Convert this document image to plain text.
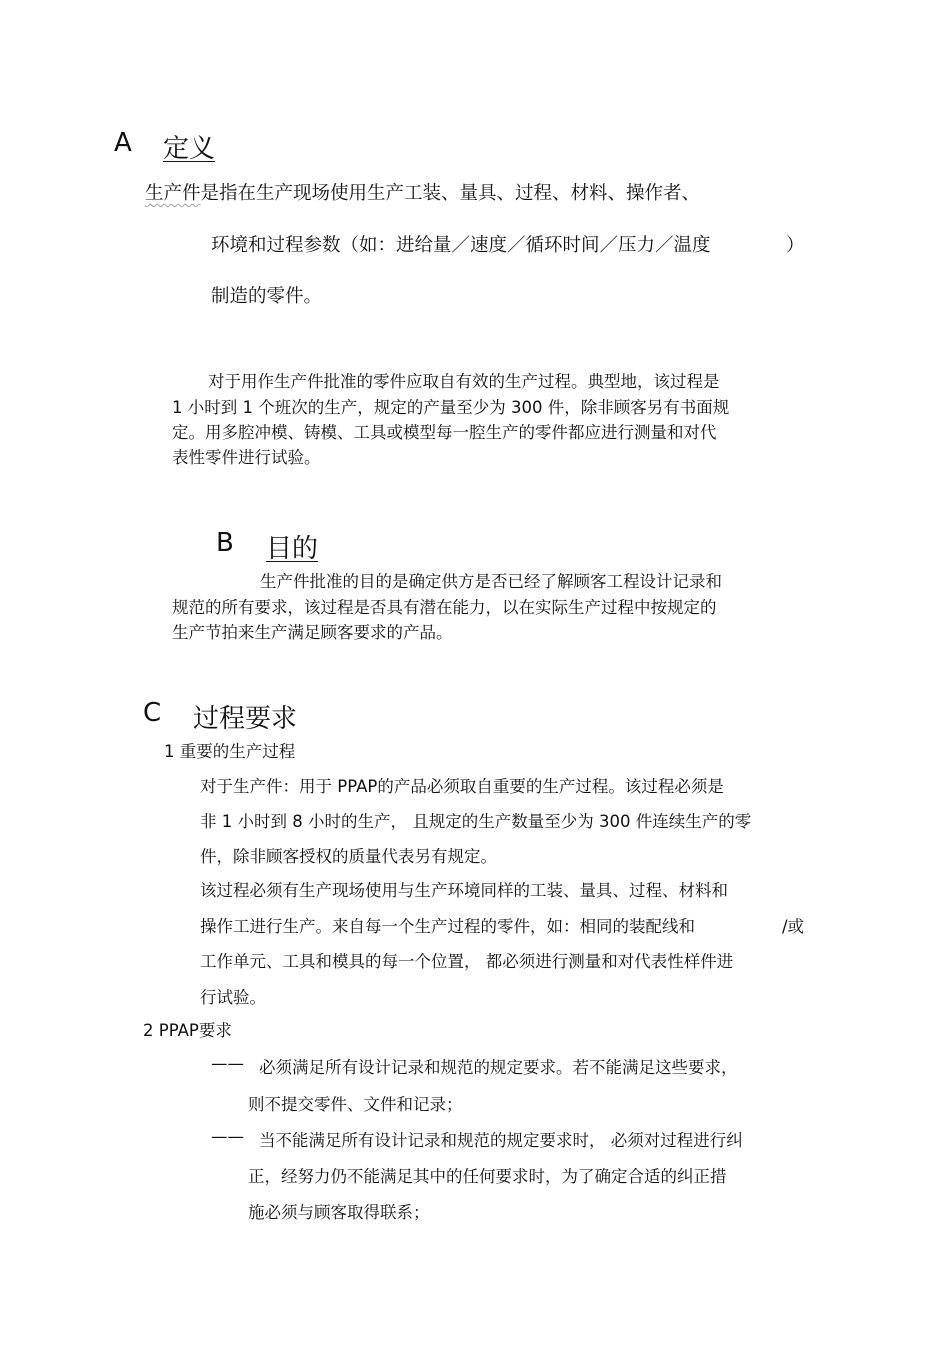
A 定义
生产件是指在生产现场使用生产工装、量具、过程、材料、操作者、
环境和过程参数（如：进给量／速度／循环时间／压力／温度	）
制造的零件。
对于用作生产件批准的零件应取自有效的生产过程。典型地，该过程是
1 小时到 1 个班次的生产，规定的产量至少为 300 件，除非顾客另有书面规
定。用多腔冲模、铸模、工具或模型每一腔生产的零件都应进行测量和对代
表性零件进行试验。
B 目的
生产件批准的目的是确定供方是否已经了解顾客工程设计记录和
规范的所有要求，该过程是否具有潜在能力，以在实际生产过程中按规定的
生产节拍来生产满足顾客要求的产品。
C 过程要求
1 重要的生产过程
对于生产件：用于 PPAP的产品必须取自重要的生产过程。该过程必须是
非 1 小时到 8 小时的生产， 且规定的生产数量至少为 300 件连续生产的零
件，除非顾客授权的质量代表另有规定。
该过程必须有生产现场使用与生产环境同样的工装、量具、过程、材料和
操作工进行生产。来自每一个生产过程的零件，如：相同的装配线和	/或
工作单元、工具和模具的每一个位置， 都必须进行测量和对代表性样件进
行试验。
2 PPAP要求
—— 必须满足所有设计记录和规范的规定要求。若不能满足这些要求，
则不提交零件、文件和记录；
—— 当不能满足所有设计记录和规范的规定要求时， 必须对过程进行纠
正，经努力仍不能满足其中的任何要求时，为了确定合适的纠正措
施必须与顾客取得联系；
